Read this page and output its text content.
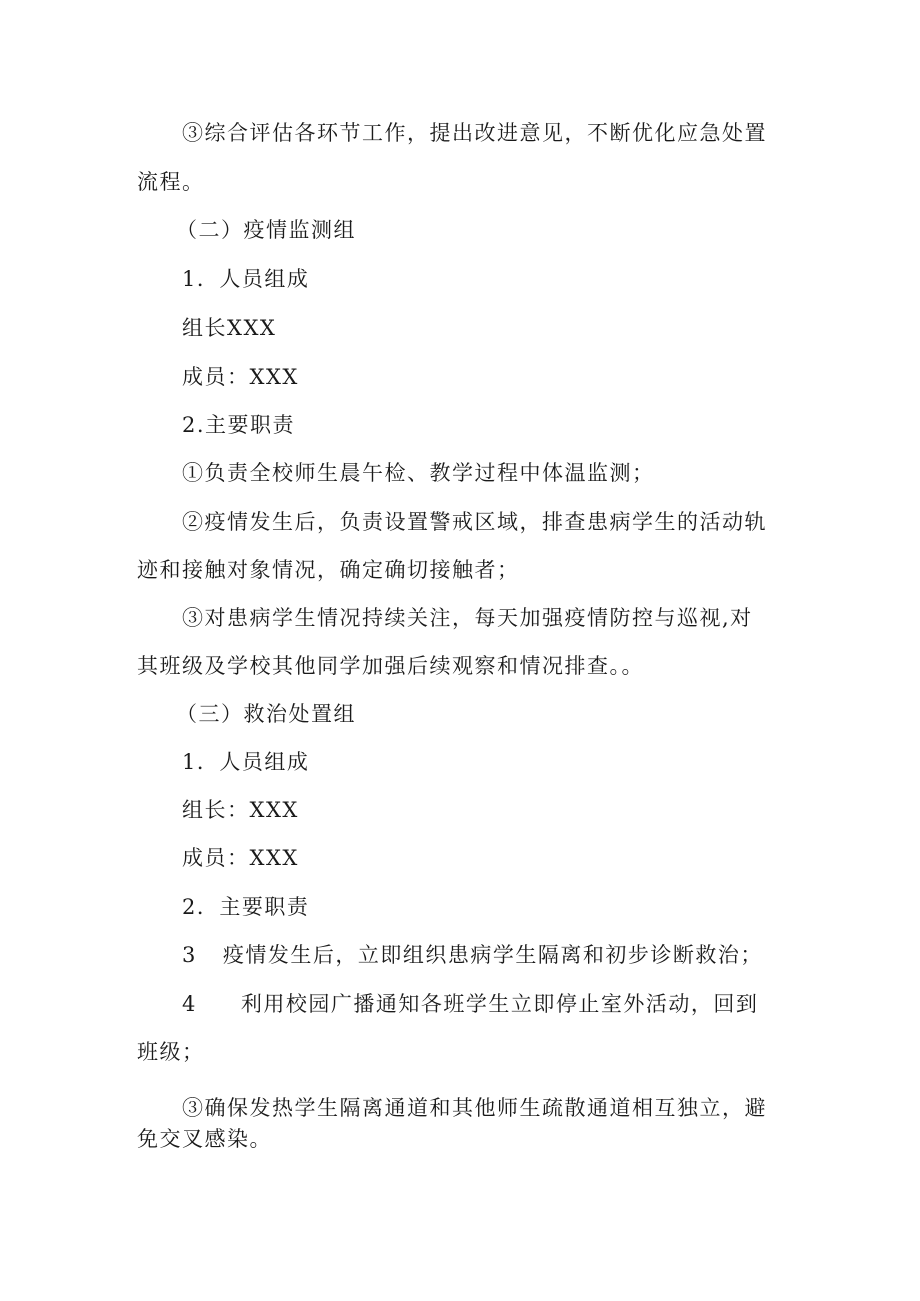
③综合评估各环节工作，提出改进意见，不断优化应急处置
流程。
（二）疫情监测组
1．人员组成
组长XXX
成员：XXX
2.主要职责
①负责全校师生晨午检、教学过程中体温监测；
②疫情发生后，负责设置警戒区域，排查患病学生的活动轨
迹和接触对象情况，确定确切接触者；
③对患病学生情况持续关注，每天加强疫情防控与巡视,对
其班级及学校其他同学加强后续观察和情况排查。。
（三）救治处置组
1．人员组成
组长：XXX
成员：XXX
2．主要职责
3 疫情发生后，立即组织患病学生隔离和初步诊断救治；
4 利用校园广播通知各班学生立即停止室外活动，回到
班级；
③确保发热学生隔离通道和其他师生疏散通道相互独立，避
免交叉感染。
